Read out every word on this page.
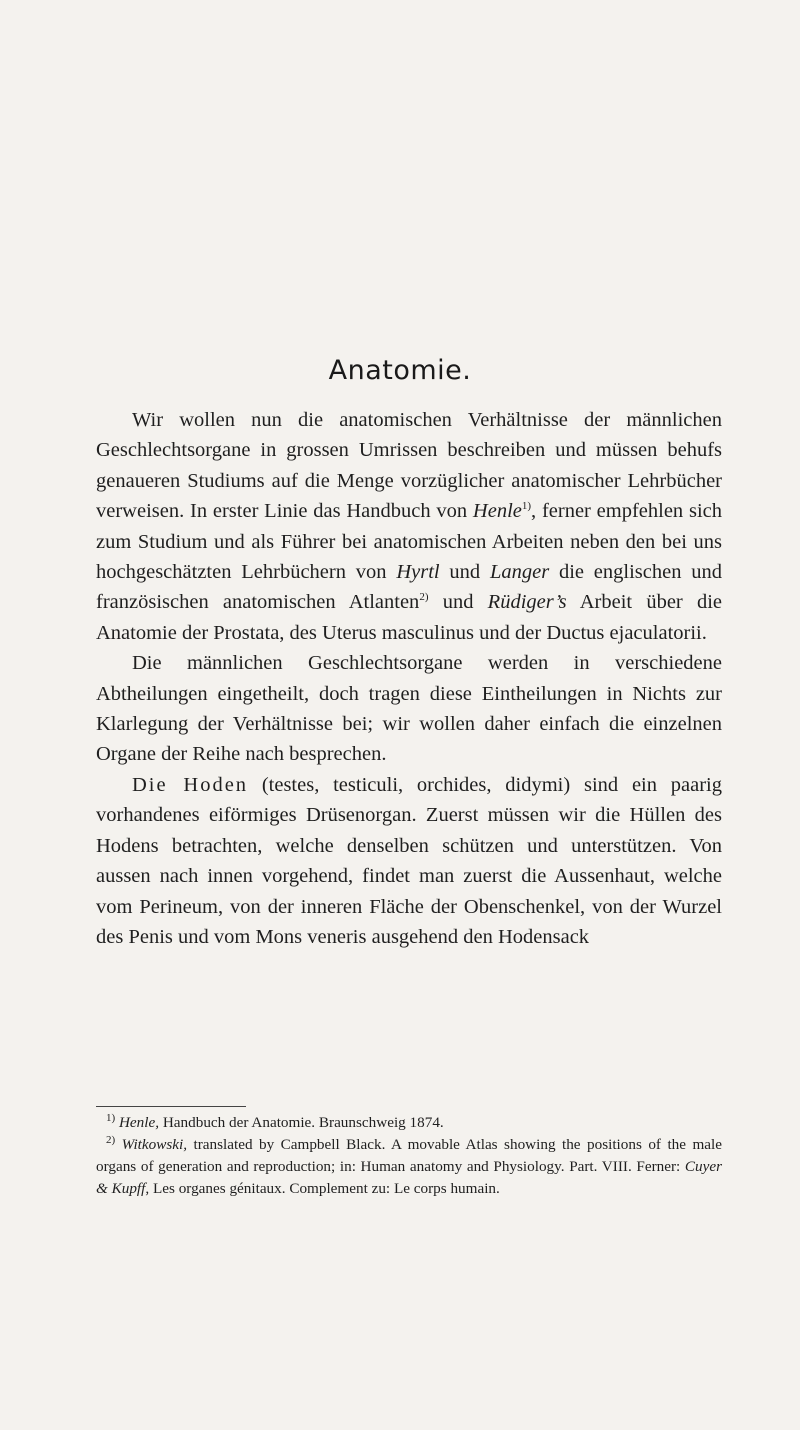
Anatomie.

Wir wollen nun die anatomischen Verhältnisse der männlichen Geschlechtsorgane in grossen Umrissen beschreiben und müssen behufs genaueren Studiums auf die Menge vorzüglicher anatomischer Lehrbücher verweisen. In erster Linie das Handbuch von Henle$^{1)}$, ferner empfehlen sich zum Studium und als Führer bei anatomischen Arbeiten neben den bei uns hochgeschätzten Lehrbüchern von Hyrtl und Langer die englischen und französischen anatomischen Atlanten$^{2)}$ und Rüdiger’s Arbeit über die Anatomie der Prostata, des Uterus masculinus und der Ductus ejaculatorii.

Die männlichen Geschlechtsorgane werden in verschiedene Abtheilungen eingetheilt, doch tragen diese Eintheilungen in Nichts zur Klarlegung der Verhältnisse bei; wir wollen daher einfach die einzelnen Organe der Reihe nach besprechen.

Die Hoden (testes, testiculi, orchides, didymi) sind ein paarig vorhandenes eiförmiges Drüsenorgan. Zuerst müssen wir die Hüllen des Hodens betrachten, welche denselben schützen und unterstützen. Von aussen nach innen vorgehend, findet man zuerst die Aussenhaut, welche vom Perineum, von der inneren Fläche der Obenschenkel, von der Wurzel des Penis und vom Mons veneris ausgehend den Hodensack

$^{1)}$ Henle, Handbuch der Anatomie. Braunschweig 1874.

$^{2)}$ Witkowski, translated by Campbell Black. A movable Atlas showing the positions of the male organs of generation and reproduction; in: Human anatomy and Physiology. Part. VIII. Ferner: Cuyer & Kupff, Les organes génitaux. Complement zu: Le corps humain.
